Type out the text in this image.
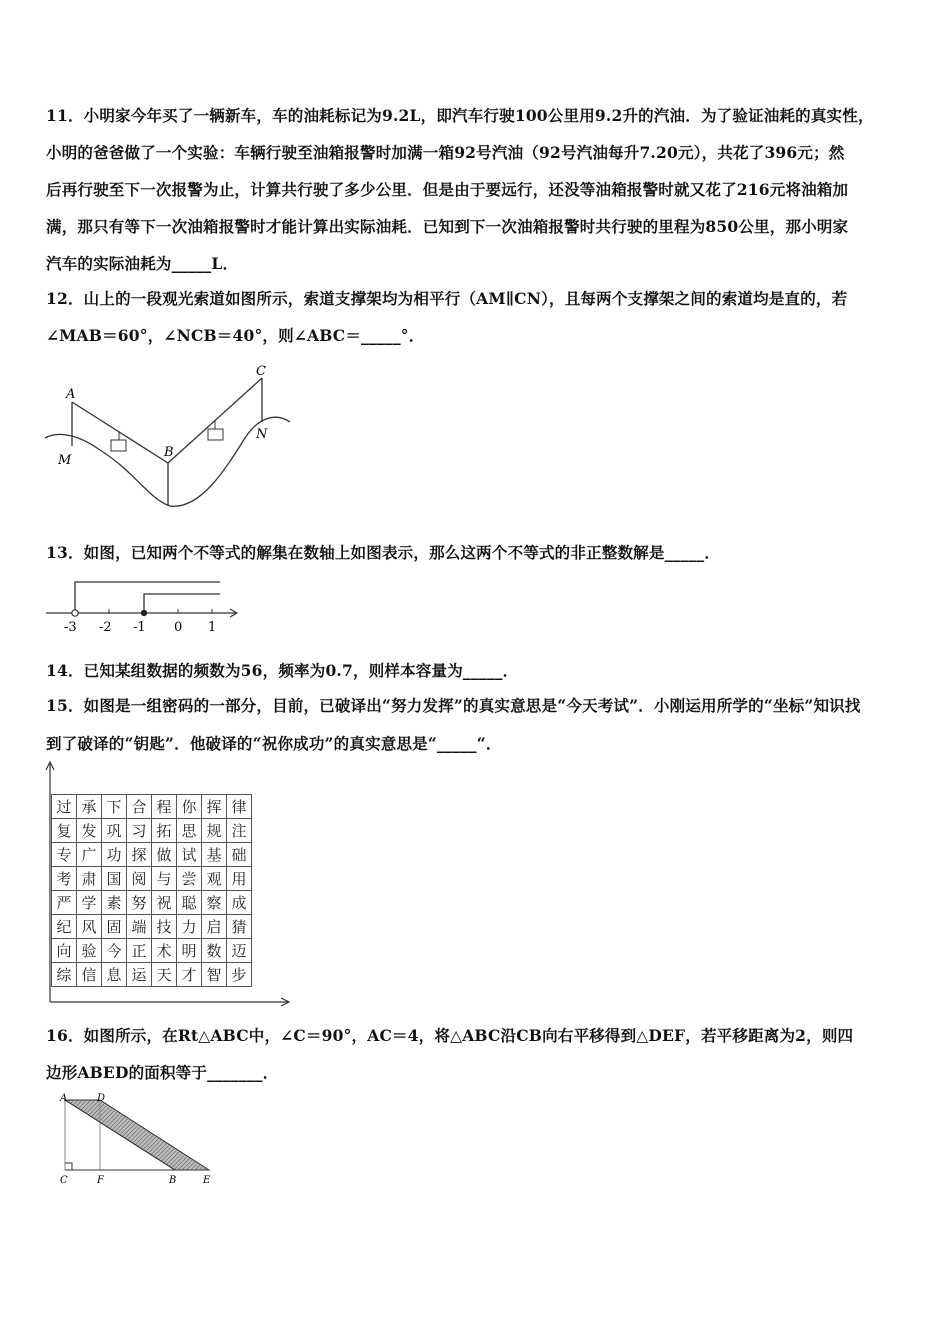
11．小明家今年买了一辆新车，车的油耗标记为9.2L，即汽车行驶100公里用9.2升的汽油．为了验证油耗的真实性，
小明的爸爸做了一个实验：车辆行驶至油箱报警时加满一箱92号汽油（92号汽油每升7.20元），共花了396元；然
后再行驶至下一次报警为止，计算共行驶了多少公里．但是由于要远行，还没等油箱报警时就又花了216元将油箱加
满，那只有等下一次油箱报警时才能计算出实际油耗．已知到下一次油箱报警时共行驶的里程为850公里，那小明家
汽车的实际油耗为_____L．
12．山上的一段观光索道如图所示，索道支撑架均为相平行（AM∥CN），且每两个支撑架之间的索道均是直的，若
∠MAB＝60°，∠NCB＝40°，则∠ABC＝_____°．
A
B
C
M
N
13．如图，已知两个不等式的解集在数轴上如图表示，那么这两个不等式的非正整数解是_____．
-3 -2 -1 0 1
14．已知某组数据的频数为56，频率为0.7，则样本容量为_____．
15．如图是一组密码的一部分，目前，已破译出“努力发挥”的真实意思是“今天考试”．小刚运用所学的“坐标”知识找
到了破译的“钥匙”．他破译的“祝你成功”的真实意思是“_____“．
过	承	下	合	程	你	挥	律
复	发	巩	习	拓	思	规	注
专	广	功	探	做	试	基	础
考	肃	国	阅	与	尝	观	用
严	学	素	努	祝	聪	察	成
纪	风	固	端	技	力	启	猜
向	验	今	正	术	明	数	迈
综	信	息	运	天	才	智	步
16．如图所示，在Rt△ABC中，∠C＝90°，AC＝4，将△ABC沿CB向右平移得到△DEF，若平移距离为2，则四
边形ABED的面积等于_______．
A	D
C	F	B	E
